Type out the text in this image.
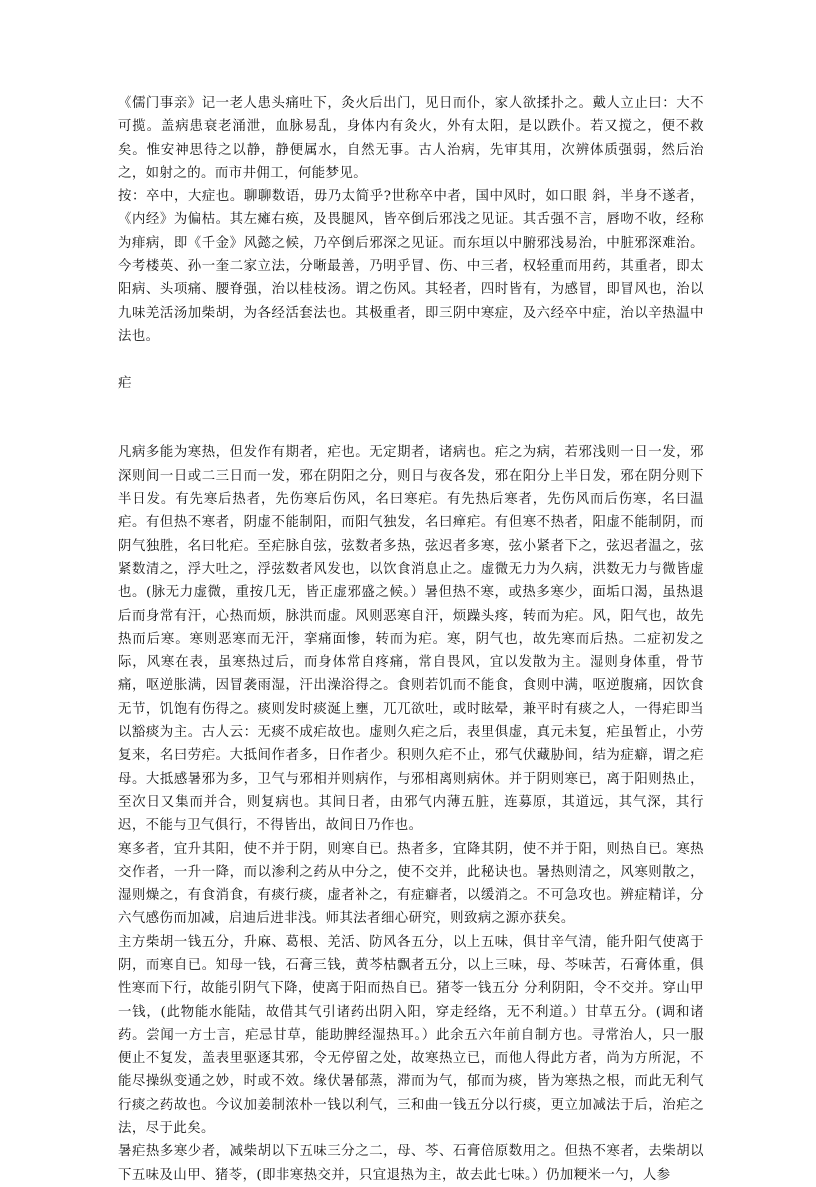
《儒门事亲》记一老人患头痛吐下，灸火后出门，见日而仆，家人欲揉扑之。戴人立止曰：大不可揽。盖病患衰老涌泄，血脉易乱，身体内有灸火，外有太阳，是以跌仆。若又搅之，便不救矣。惟安神思待之以静，静便属水，自然无事。古人治病，先审其用，次辨体质强弱，然后治之，如射之的。而市井佣工，何能梦见。

按：卒中，大症也。聊聊数语，毋乃太简乎?世称卒中者，国中风时，如口眼 斜，半身不遂者，《内经》为偏枯。其左瘫右痪，及畏腿风，皆卒倒后邪浅之见证。其舌强不言，唇吻不收，经称为痱病，即《千金》风懿之候，乃卒倒后邪深之见证。而东垣以中腑邪浅易治，中脏邪深难治。今考楼英、孙一奎二家立法，分晰最善，乃明乎冒、伤、中三者，权轻重而用药，其重者，即太阳病、头项痛、腰脊强，治以桂枝汤。谓之伤风。其轻者，四时皆有，为感冒，即冒风也，治以九味羌活汤加柴胡，为各经活套法也。其极重者，即三阴中寒症，及六经卒中症，治以辛热温中法也。

疟

凡病多能为寒热，但发作有期者，疟也。无定期者，诸病也。疟之为病，若邪浅则一日一发，邪深则间一日或二三日而一发，邪在阴阳之分，则日与夜各发，邪在阳分上半日发，邪在阴分则下半日发。有先寒后热者，先伤寒后伤风，名曰寒疟。有先热后寒者，先伤风而后伤寒，名曰温疟。有但热不寒者，阴虚不能制阳，而阳气独发，名曰瘅疟。有但寒不热者，阳虚不能制阴，而阴气独胜，名曰牝疟。至疟脉自弦，弦数者多热，弦迟者多寒，弦小紧者下之，弦迟者温之，弦紧数清之，浮大吐之，浮弦数者风发也，以饮食消息止之。虚微无力为久病，洪数无力与微皆虚也。(脉无力虚微，重按几无，皆正虚邪盛之候。）暑但热不寒，或热多寒少，面垢口渴，虽热退后而身常有汗，心热而烦，脉洪而虚。风则恶寒自汗，烦躁头疼，转而为疟。风，阳气也，故先热而后寒。寒则恶寒而无汗，挛痛面惨，转而为疟。寒，阴气也，故先寒而后热。二症初发之际，风寒在表，虽寒热过后，而身体常自疼痛，常自畏风，宜以发散为主。湿则身体重，骨节痛，呕逆胀满，因冒袭雨湿，汗出澡浴得之。食则若饥而不能食，食则中满，呕逆腹痛，因饮食无节，饥饱有伤得之。痰则发时痰涎上壅，兀兀欲吐，或时眩晕，兼平时有痰之人，一得疟即当以豁痰为主。古人云：无痰不成疟故也。虚则久疟之后，表里俱虚，真元未复，疟虽暂止，小劳复来，名曰劳疟。大抵间作者多，日作者少。积则久疟不止，邪气伏藏胁间，结为症癖，谓之疟母。大抵感暑邪为多，卫气与邪相并则病作，与邪相离则病休。并于阴则寒已，离于阳则热止，至次日又集而并合，则复病也。其间日者，由邪气内薄五脏，连募原，其道远，其气深，其行迟，不能与卫气俱行，不得皆出，故间日乃作也。

寒多者，宜升其阳，使不并于阴，则寒自已。热者多，宜降其阴，使不并于阳，则热自已。寒热交作者，一升一降，而以渗利之药从中分之，使不交并，此秘诀也。暑热则清之，风寒则散之，湿则燥之，有食消食，有痰行痰，虚者补之，有症癖者，以缓消之。不可急攻也。辨症精详，分六气感伤而加减，启迪后进非浅。师其法者细心研究，则致病之源亦获矣。

主方柴胡一钱五分，升麻、葛根、羌活、防风各五分，以上五味，俱甘辛气清，能升阳气使离于阴，而寒自已。知母一钱，石膏三钱，黄芩枯飘者五分，以上三味，母、芩味苦，石膏体重，俱性寒而下行，故能引阴气下降，使离于阳而热自已。猪苓一钱五分 分利阴阳，令不交并。穿山甲一钱，(此物能水能陆，故借其气引诸药出阴入阳，穿走经络，无不利道。）甘草五分。(调和诸药。尝闻一方士言，疟忌甘草，能助脾经湿热耳。）此余五六年前自制方也。寻常治人，只一服便止不复发，盖表里驱逐其邪，令无停留之处，故寒热立已，而他人得此方者，尚为方所泥，不能尽操纵变通之妙，时或不效。缘伏暑郁蒸，滞而为气，郁而为痰，皆为寒热之根，而此无利气行痰之药故也。今议加姜制浓朴一钱以利气，三和曲一钱五分以行痰，更立加减法于后，治疟之法，尽于此矣。

暑疟热多寒少者，减柴胡以下五味三分之二，母、芩、石膏倍原数用之。但热不寒者，去柴胡以下五味及山甲、猪苓，(即非寒热交并，只宜退热为主，故去此七味。）仍加粳米一勺，人参
